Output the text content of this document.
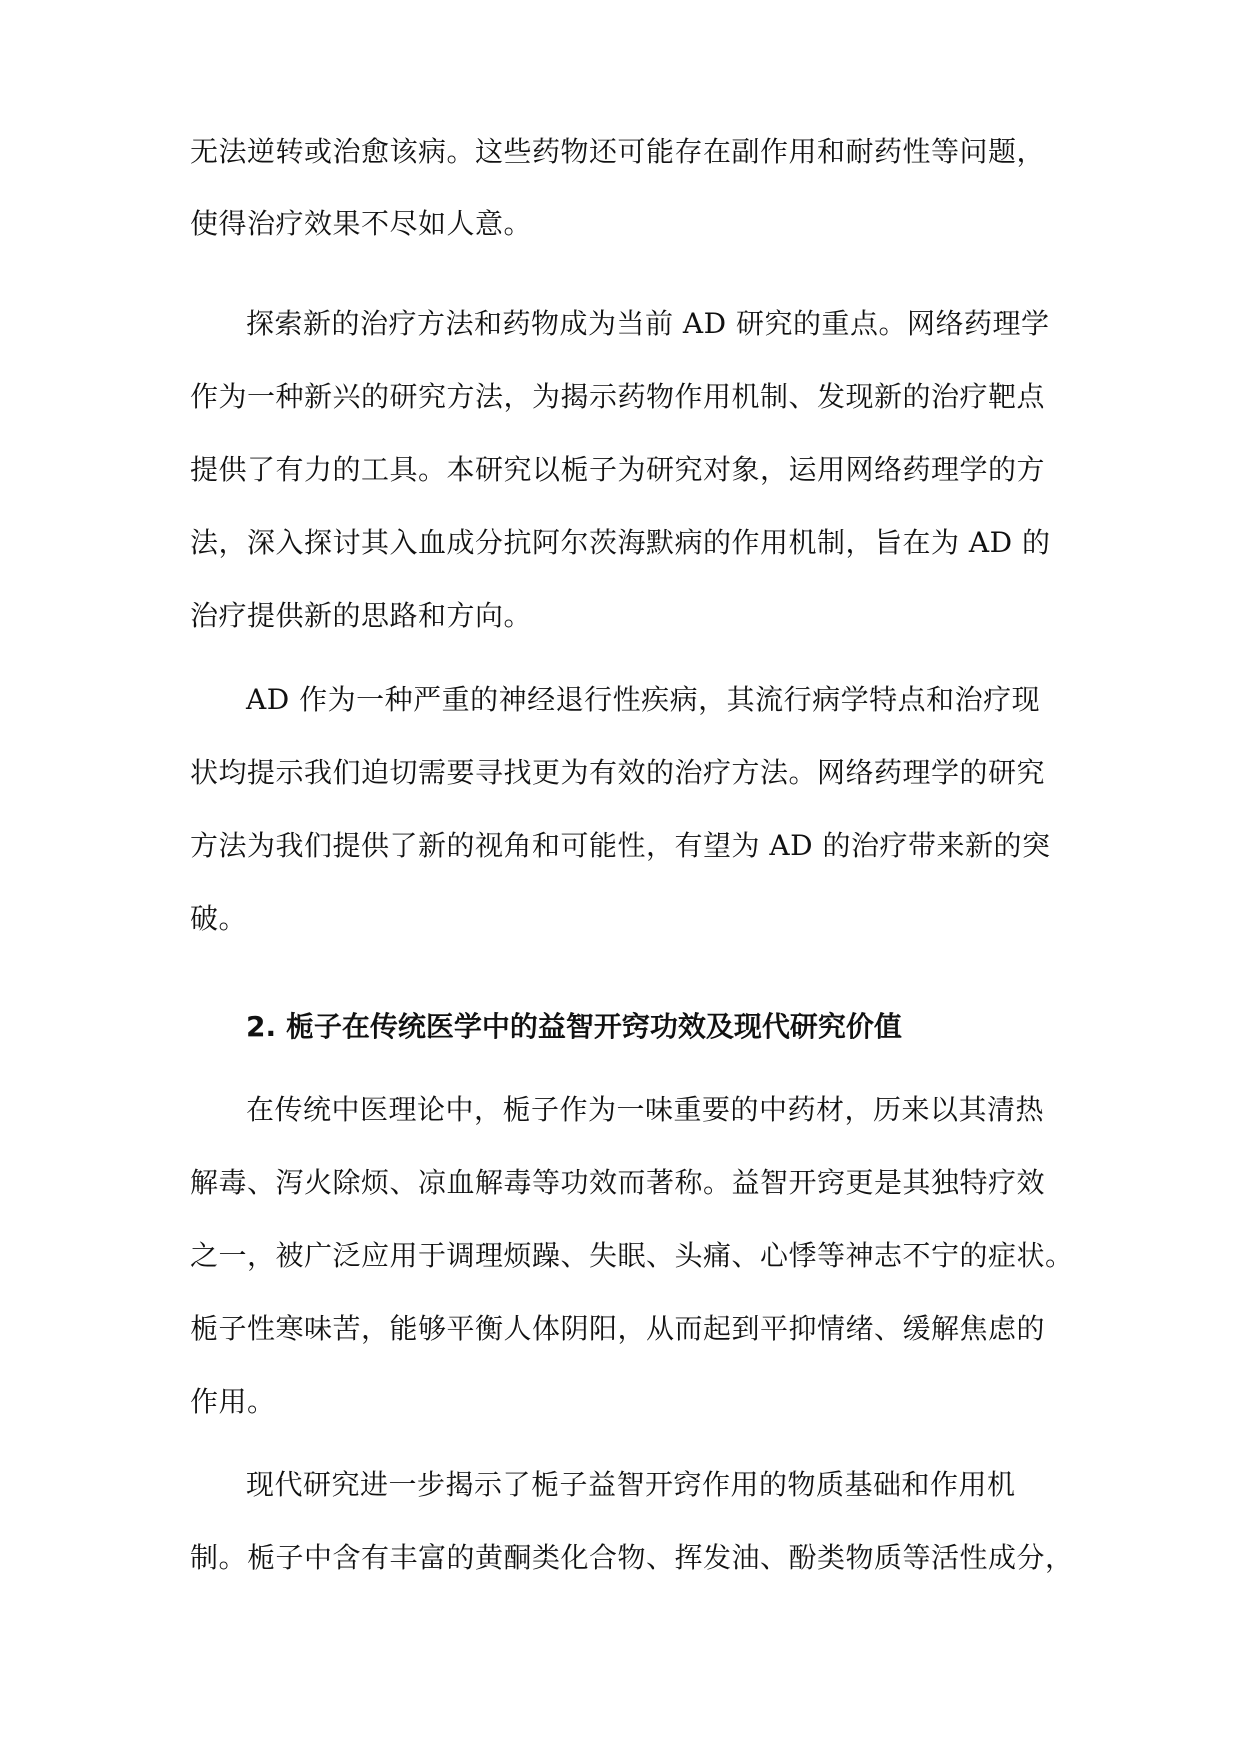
无法逆转或治愈该病。这些药物还可能存在副作用和耐药性等问题，
使得治疗效果不尽如人意。
探索新的治疗方法和药物成为当前 AD 研究的重点。网络药理学
作为一种新兴的研究方法，为揭示药物作用机制、发现新的治疗靶点
提供了有力的工具。本研究以栀子为研究对象，运用网络药理学的方
法，深入探讨其入血成分抗阿尔茨海默病的作用机制，旨在为 AD 的
治疗提供新的思路和方向。
AD 作为一种严重的神经退行性疾病，其流行病学特点和治疗现
状均提示我们迫切需要寻找更为有效的治疗方法。网络药理学的研究
方法为我们提供了新的视角和可能性，有望为 AD 的治疗带来新的突
破。
2. 栀子在传统医学中的益智开窍功效及现代研究价值
在传统中医理论中，栀子作为一味重要的中药材，历来以其清热
解毒、泻火除烦、凉血解毒等功效而著称。益智开窍更是其独特疗效
之一，被广泛应用于调理烦躁、失眠、头痛、心悸等神志不宁的症状。
栀子性寒味苦，能够平衡人体阴阳，从而起到平抑情绪、缓解焦虑的
作用。
现代研究进一步揭示了栀子益智开窍作用的物质基础和作用机
制。栀子中含有丰富的黄酮类化合物、挥发油、酚类物质等活性成分，
